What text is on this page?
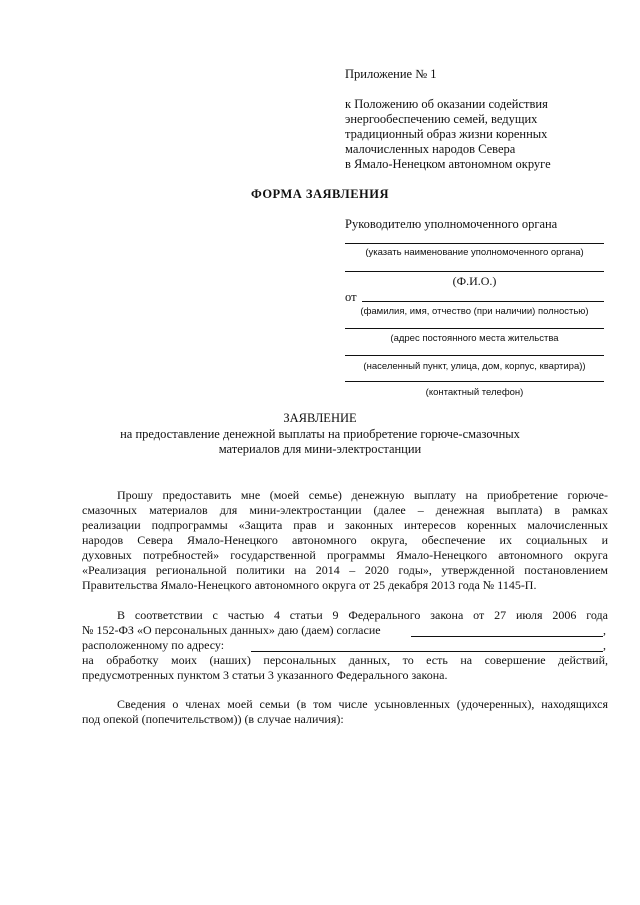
Приложение № 1
к Положению об оказании содействия
энергообеспечению семей, ведущих
традиционный образ жизни коренных
малочисленных народов Севера
в Ямало-Ненецком автономном округе
ФОРМА ЗАЯВЛЕНИЯ
Руководителю уполномоченного органа
(указать наименование уполномоченного органа)
(Ф.И.О.)
от
(фамилия, имя, отчество (при наличии) полностью)
(адрес постоянного места жительства
(населенный пункт, улица, дом, корпус, квартира))
(контактный телефон)
ЗАЯВЛЕНИЕ
на предоставление денежной выплаты на приобретение горюче-смазочных
материалов для мини-электростанции
Прошу предоставить мне (моей семье) денежную выплату на приобретение горюче-
смазочных материалов для мини-электростанции (далее – денежная выплата) в рамках
реализации подпрограммы «Защита прав и законных интересов коренных малочисленных
народов Севера Ямало-Ненецкого автономного округа, обеспечение их социальных и
духовных потребностей» государственной программы Ямало-Ненецкого автономного округа
«Реализация региональной политики на 2014 – 2020 годы», утвержденной постановлением
Правительства Ямало-Ненецкого автономного округа от 25 декабря 2013 года № 1145-П.
В соответствии с частью 4 статьи 9 Федерального закона от 27 июля 2006 года
№ 152-ФЗ «О персональных данных» даю (даем) согласие	,
расположенному по адресу:	,
на обработку моих (наших) персональных данных, то есть на совершение действий,
предусмотренных пунктом 3 статьи 3 указанного Федерального закона.
Сведения о членах моей семьи (в том числе усыновленных (удочеренных), находящихся
под опекой (попечительством)) (в случае наличия):
